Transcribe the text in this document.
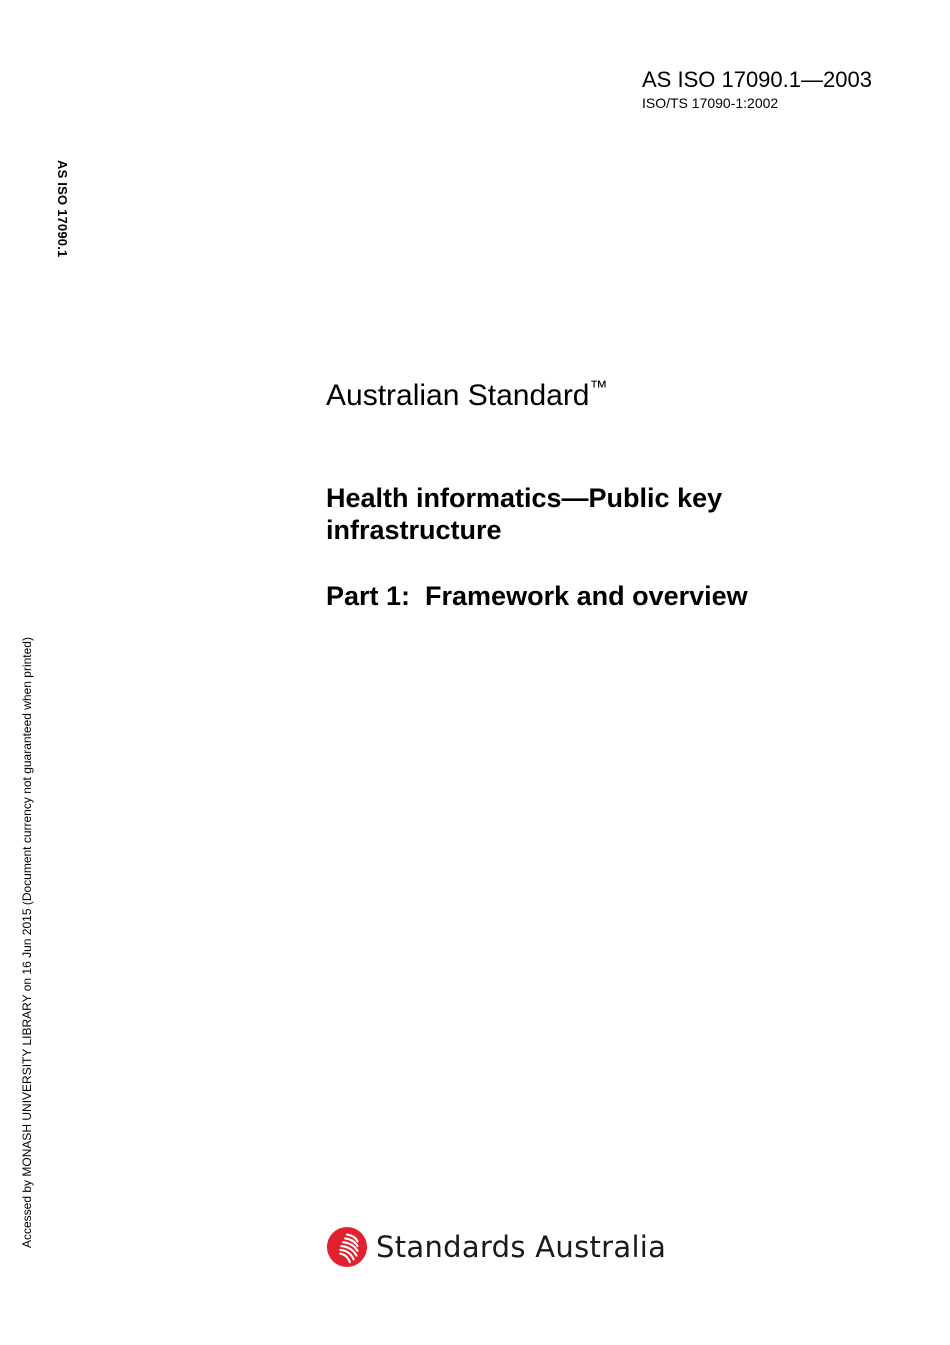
AS ISO 17090.1—2003
ISO/TS 17090-1:2002
AS ISO 17090.1
Accessed by MONASH UNIVERSITY LIBRARY on 16 Jun 2015 (Document currency not guaranteed when printed)
Australian Standard™
Health informatics—Public key infrastructure
Part 1:  Framework and overview
Standards Australia
